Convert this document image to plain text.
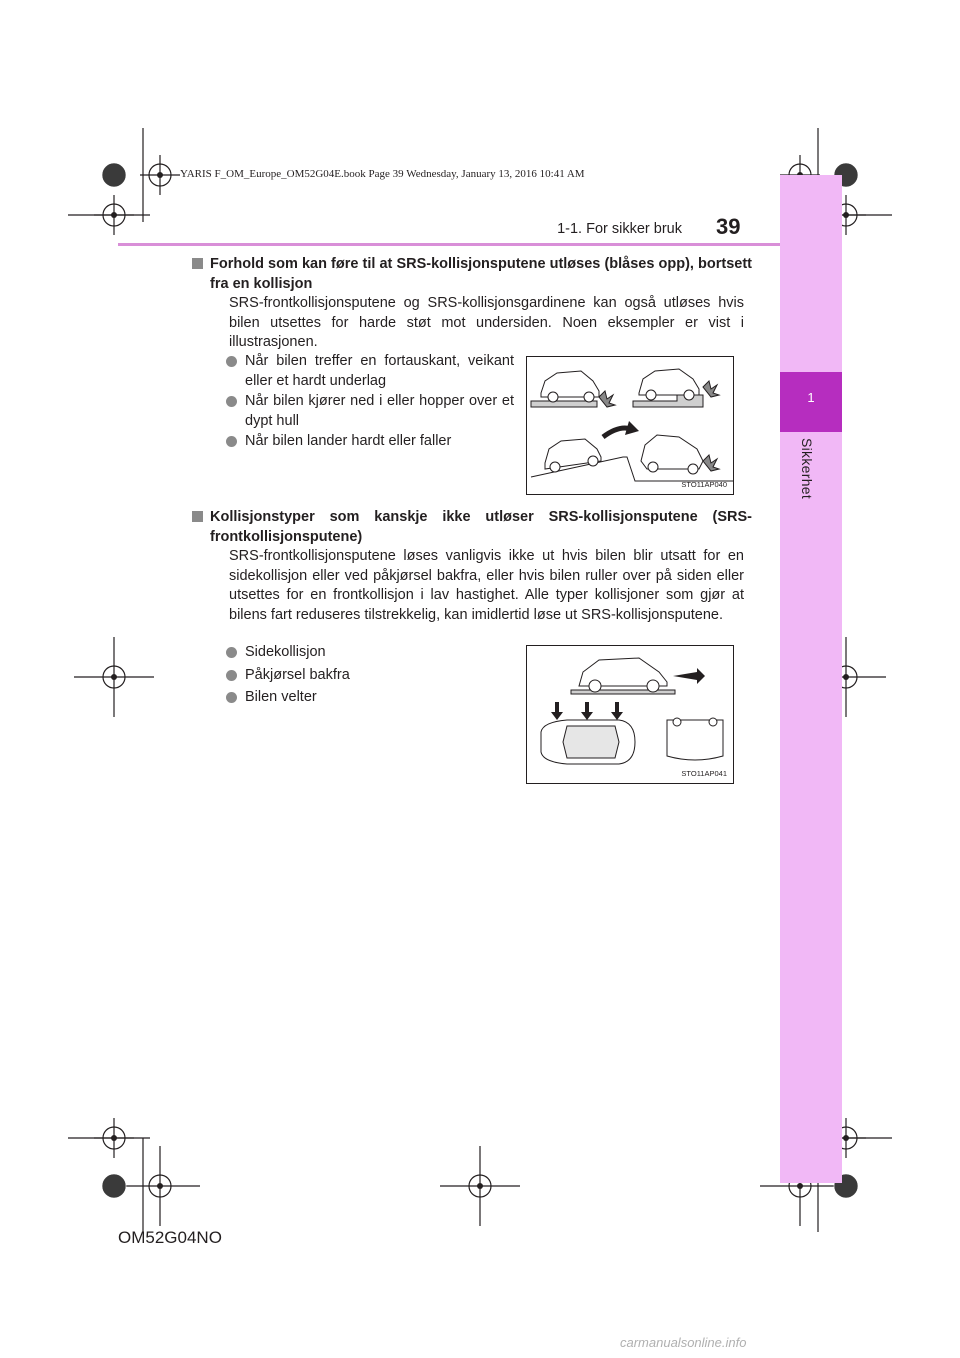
1
Sikkerhet
YARIS F_OM_Europe_OM52G04E.book Page 39 Wednesday, January 13, 2016 10:41 AM
1-1. For sikker bruk 39
Forhold som kan føre til at SRS-kollisjonsputene utløses (blåses opp), bortsett fra en kollisjon
SRS-frontkollisjonsputene og SRS-kollisjonsgardinene kan også utløses hvis bilen utsettes for harde støt mot undersiden. Noen eksempler er vist i illustrasjonen.
Når bilen treffer en fortauskant, veikant eller et hardt underlag
Når bilen kjører ned i eller hopper over et dypt hull
Når bilen lander hardt eller faller
STO11AP040
Kollisjonstyper som kanskje ikke utløser SRS-kollisjonsputene (SRS-frontkollisjonsputene)
SRS-frontkollisjonsputene løses vanligvis ikke ut hvis bilen blir utsatt for en sidekollisjon eller ved påkjørsel bakfra, eller hvis bilen ruller over på siden eller utsettes for en frontkollisjon i lav hastighet. Alle typer kollisjoner som gjør at bilens fart reduseres tilstrekkelig, kan imidlertid løse ut SRS-kollisjonsputene.
Sidekollisjon
Påkjørsel bakfra
Bilen velter
STO11AP041
OM52G04NO
carmanualsonline.info
